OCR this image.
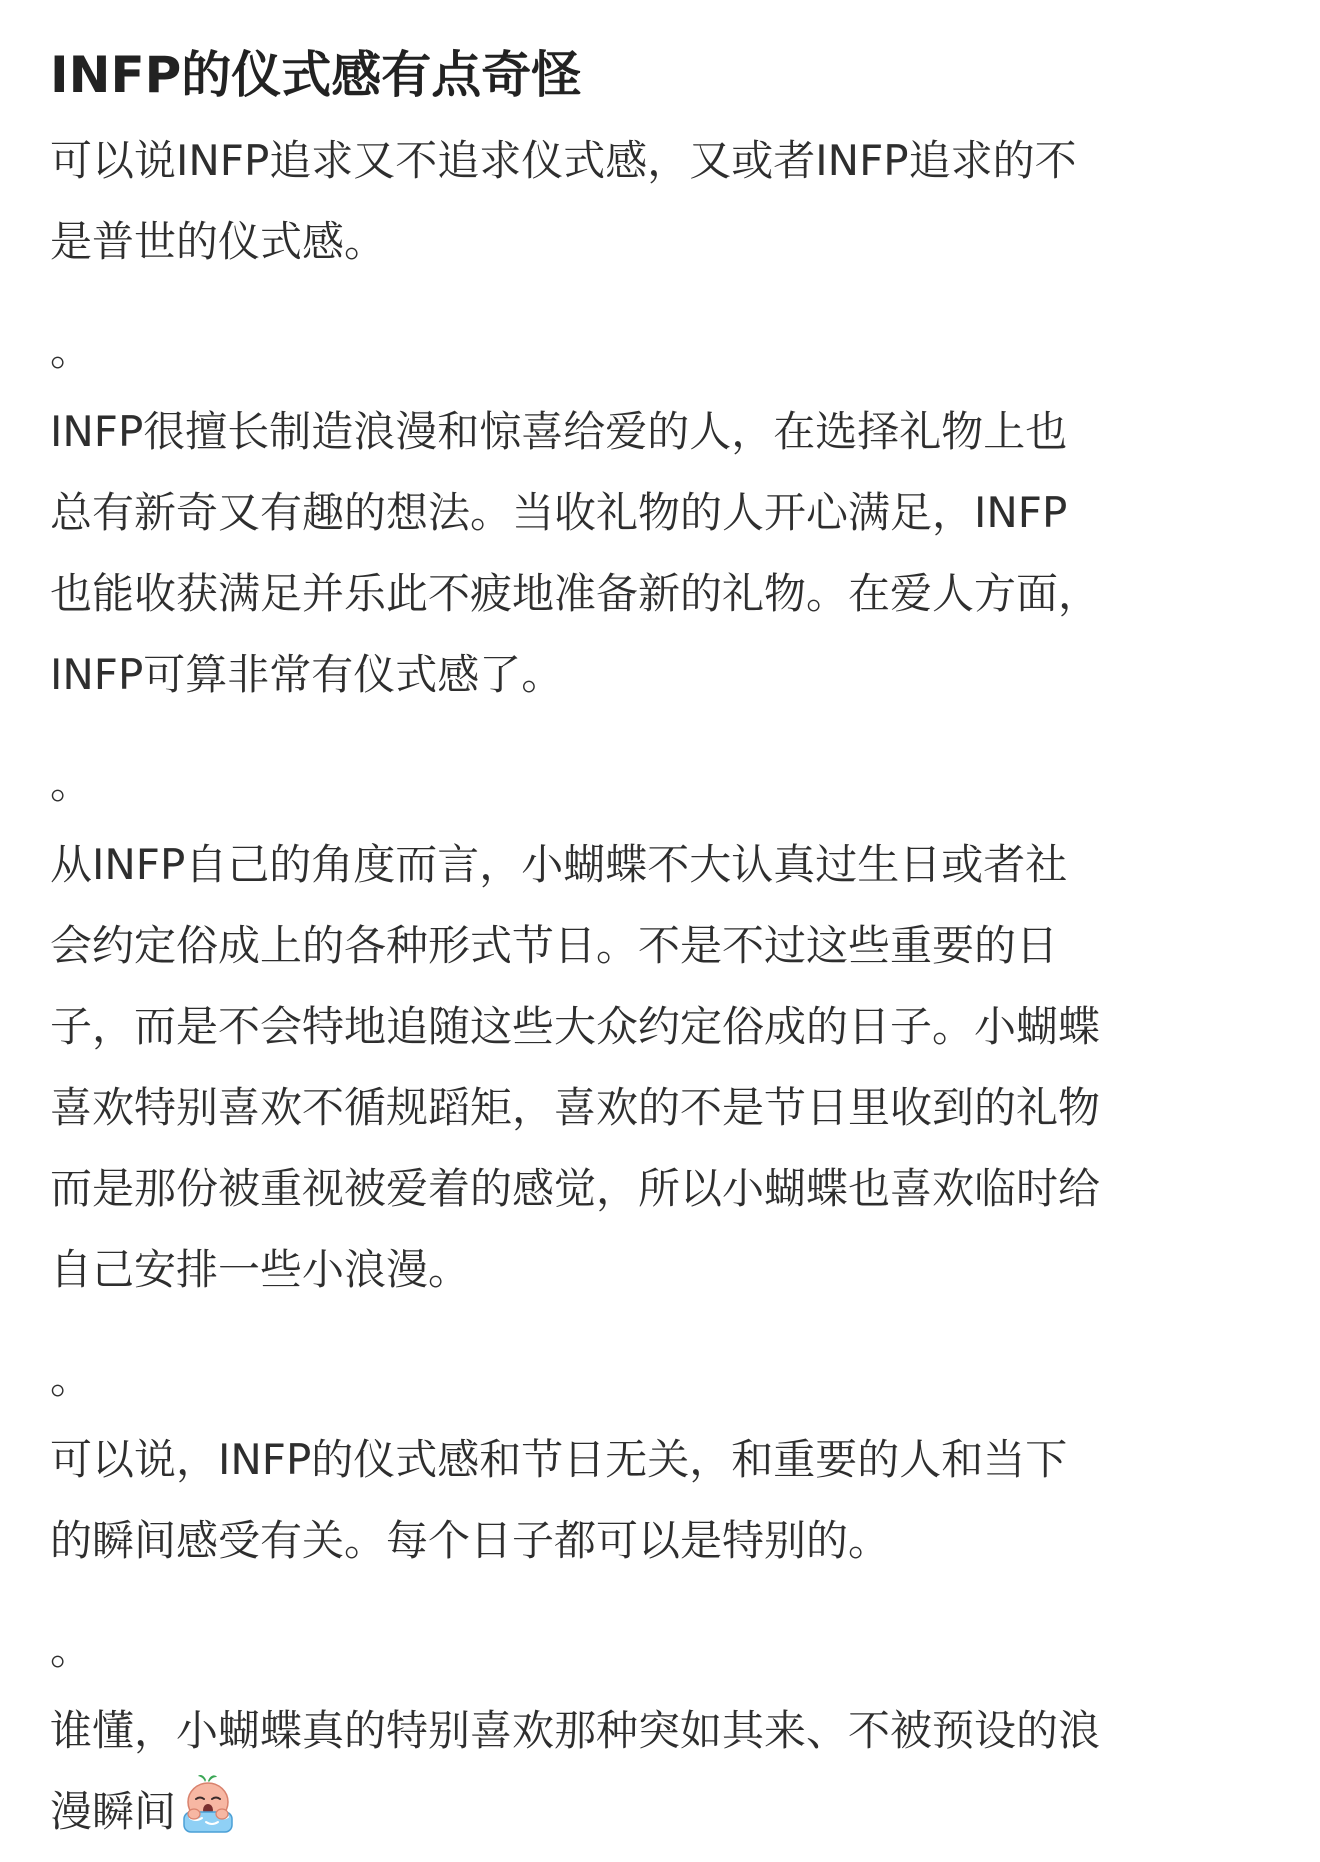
INFP的仪式感有点奇怪
可以说INFP追求又不追求仪式感，又或者INFP追求的不
是普世的仪式感。
。
INFP很擅长制造浪漫和惊喜给爱的人，在选择礼物上也
总有新奇又有趣的想法。当收礼物的人开心满足，INFP
也能收获满足并乐此不疲地准备新的礼物。在爱人方面，
INFP可算非常有仪式感了。
。
从INFP自己的角度而言，小蝴蝶不大认真过生日或者社
会约定俗成上的各种形式节日。不是不过这些重要的日
子，而是不会特地追随这些大众约定俗成的日子。小蝴蝶
喜欢特别喜欢不循规蹈矩，喜欢的不是节日里收到的礼物
而是那份被重视被爱着的感觉，所以小蝴蝶也喜欢临时给
自己安排一些小浪漫。
。
可以说，INFP的仪式感和节日无关，和重要的人和当下
的瞬间感受有关。每个日子都可以是特别的。
。
谁懂，小蝴蝶真的特别喜欢那种突如其来、不被预设的浪
漫瞬间
